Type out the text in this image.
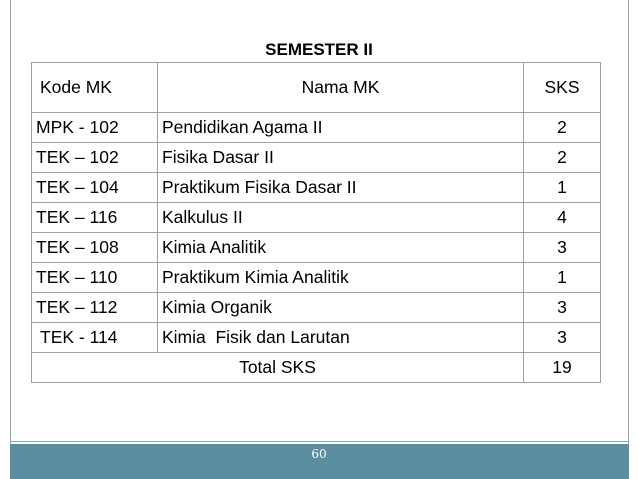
60
SEMESTER II
Kode MK	Nama MK	SKS
MPK - 102	Pendidikan Agama II	2
TEK – 102	Fisika Dasar II	2
TEK – 104	Praktikum Fisika Dasar II	1
TEK – 116	Kalkulus II	4
TEK – 108	Kimia Analitik	3
TEK – 110	Praktikum Kimia Analitik	1
TEK – 112	Kimia Organik	3
TEK - 114	Kimia  Fisik dan Larutan	3
Total SKS		19
